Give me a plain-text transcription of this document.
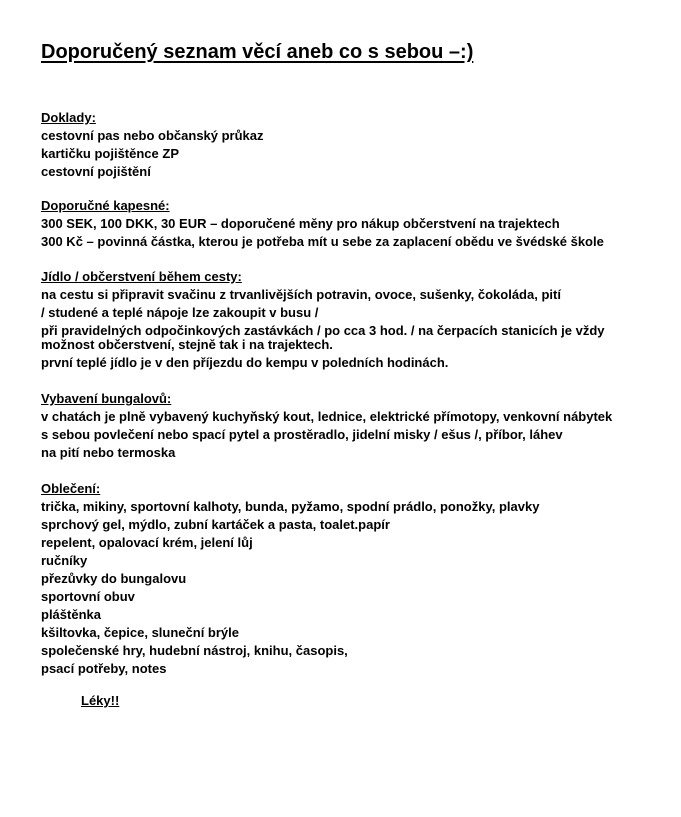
Doporučený seznam věcí aneb co s sebou –:)
Doklady:
cestovní pas nebo občanský průkaz
kartičku pojištěnce ZP
cestovní pojištění
Doporučné kapesné:
300 SEK, 100 DKK, 30 EUR – doporučené měny pro nákup občerstvení na trajektech
300 Kč – povinná částka, kterou je potřeba mít u sebe za zaplacení obědu ve švédské škole
Jídlo / občerstvení během cesty:
na cestu si připravit svačinu z trvanlivějších potravin, ovoce, sušenky, čokoláda, pití
/ studené a teplé nápoje lze zakoupit v busu /
při pravidelných odpočinkových zastávkách / po cca 3 hod. / na čerpacích stanicích je vždy možnost občerstvení, stejně tak i na trajektech.
první teplé jídlo je v den příjezdu do kempu v poledních hodinách.
Vybavení bungalovů:
v chatách je plně vybavený kuchyňský kout, lednice, elektrické přímotopy, venkovní nábytek
s sebou povlečení nebo spací pytel a prostěradlo, jidelní misky / ešus /, příbor, láhev
na pití nebo termoska
Oblečení:
trička, mikiny, sportovní kalhoty, bunda, pyžamo, spodní prádlo, ponožky, plavky
sprchový gel, mýdlo, zubní kartáček a pasta, toalet.papír
repelent, opalovací krém, jelení lůj
ručníky
přezůvky do bungalovu
sportovní obuv
pláštěnka
kšiltovka, čepice, sluneční brýle
společenské hry, hudební nástroj, knihu, časopis,
psací potřeby, notes
Léky!!
